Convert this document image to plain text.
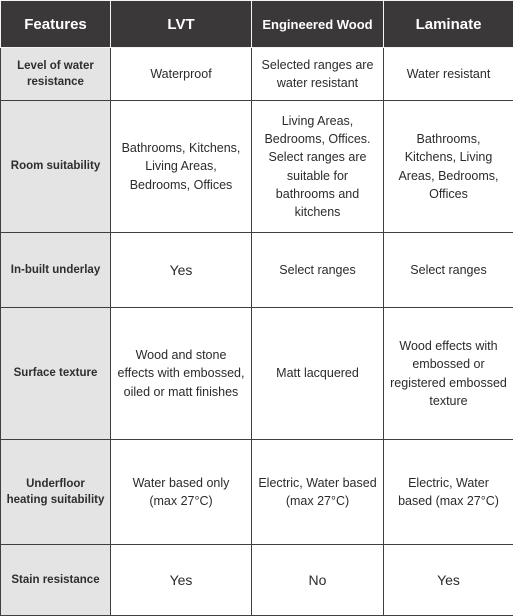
Features	LVT	Engineered Wood	Laminate
Level of water resistance	Waterproof	Selected ranges are water resistant	Water resistant
Room suitability	Bathrooms, Kitchens, Living Areas, Bedrooms, Offices	Living Areas, Bedrooms, Offices. Select ranges are suitable for bathrooms and kitchens	Bathrooms, Kitchens, Living Areas, Bedrooms, Offices
In-built underlay	Yes	Select ranges	Select ranges
Surface texture	Wood and stone effects with embossed, oiled or matt finishes	Matt lacquered	Wood effects with embossed or registered embossed texture
Underfloor heating suitability	Water based only (max 27°C)	Electric, Water based (max 27°C)	Electric, Water based (max 27°C)
Stain resistance	Yes	No	Yes
